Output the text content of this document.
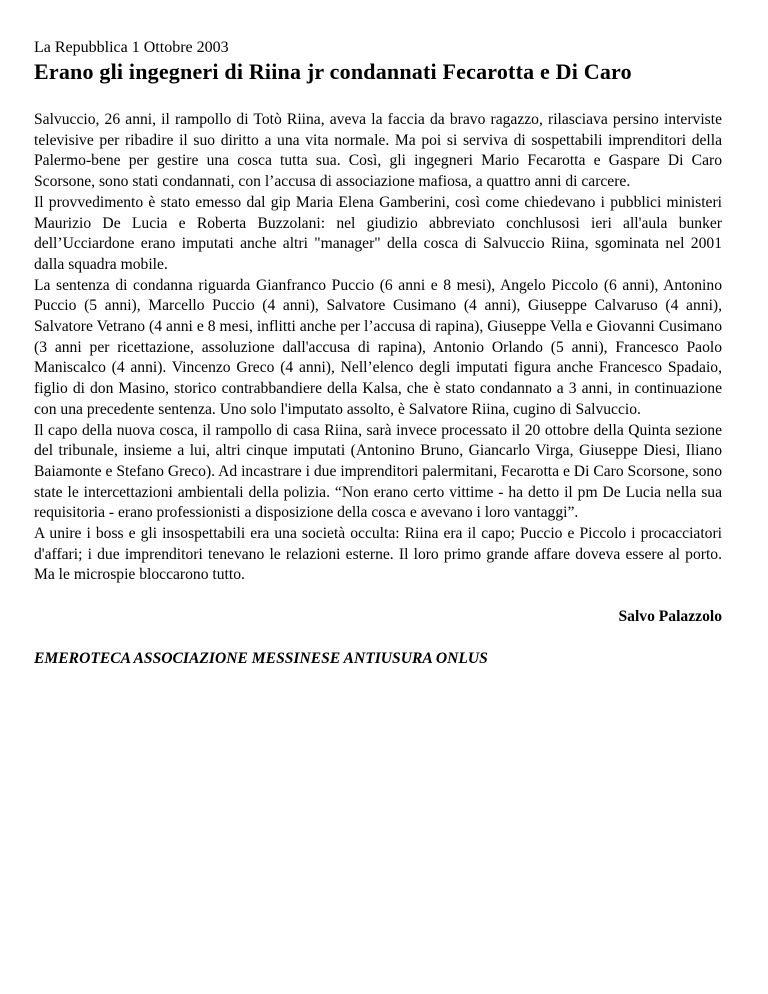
La Repubblica 1 Ottobre 2003

Erano gli ingegneri di Riina jr condannati Fecarotta e Di Caro

Salvuccio, 26 anni, il rampollo di Totò Riina, aveva la faccia da bravo ragazzo, rilasciava persino interviste televisive per ribadire il suo diritto a una vita normale. Ma poi si serviva di sospettabili imprenditori della Palermo-bene per gestire una cosca tutta sua. Così, gli ingegneri Mario Fecarotta e Gaspare Di Caro Scorsone, sono stati condannati, con l’accusa di associazione mafiosa, a quattro anni di carcere.

Il provvedimento è stato emesso dal gip Maria Elena Gamberini, così come chiedevano i pubblici ministeri Maurizio De Lucia e Roberta Buzzolani: nel giudizio abbreviato conchlusosi ieri all'aula bunker dell’Ucciardone erano imputati anche altri "manager" della cosca di Salvuccio Riina, sgominata nel 2001 dalla squadra mobile.

La sentenza di condanna riguarda Gianfranco Puccio (6 anni e 8 mesi), Angelo Piccolo (6 anni), Antonino Puccio (5 anni), Marcello Puccio (4 anni), Salvatore Cusimano (4 anni), Giuseppe Calvaruso (4 anni), Salvatore Vetrano (4 anni e 8 mesi, inflitti anche per l’accusa di rapina), Giuseppe Vella e Giovanni Cusimano (3 anni per ricettazione, assoluzione dall'accusa di rapina), Antonio Orlando (5 anni), Francesco Paolo Maniscalco (4 anni). Vincenzo Greco (4 anni), Nell’elenco degli imputati figura anche Francesco Spadaio, figlio di don Masino, storico contrabbandiere della Kalsa, che è stato condannato a 3 anni, in continuazione con una precedente sentenza. Uno solo l'imputato assolto, è Salvatore Riina, cugino di Salvuccio.

Il capo della nuova cosca, il rampollo di casa Riina, sarà invece processato il 20 ottobre della Quinta sezione del tribunale, insieme a lui, altri cinque imputati (Antonino Bruno, Giancarlo Virga, Giuseppe Diesi, Iliano Baiamonte e Stefano Greco). Ad incastrare i due imprenditori palermitani, Fecarotta e Di Caro Scorsone, sono state le intercettazioni ambientali della polizia. “Non erano certo vittime - ha detto il pm De Lucia nella sua requisitoria - erano professionisti a disposizione della cosca e avevano i loro vantaggi”.

A unire i boss e gli insospettabili era una società occulta: Riina era il capo; Puccio e Piccolo i procacciatori d'affari; i due imprenditori tenevano le relazioni esterne. Il loro primo grande affare doveva essere al porto. Ma le microspie bloccarono tutto.

Salvo Palazzolo

EMEROTECA ASSOCIAZIONE MESSINESE ANTIUSURA ONLUS
